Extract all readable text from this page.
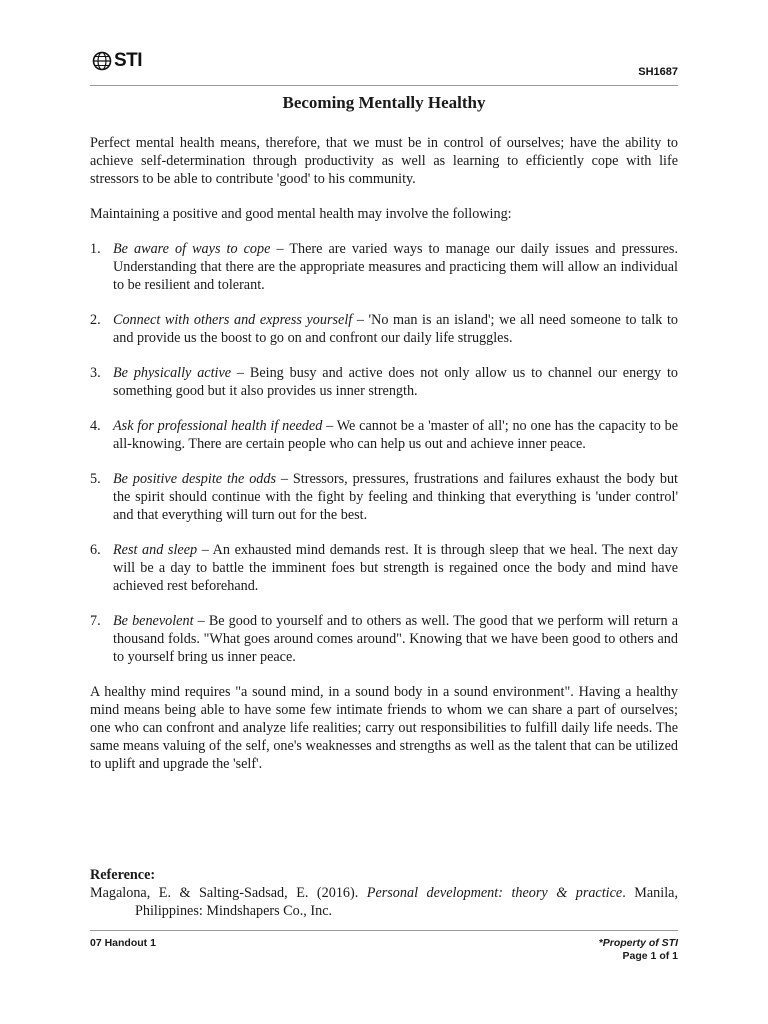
STI
SH1687
Becoming Mentally Healthy

Perfect mental health means, therefore, that we must be in control of ourselves; have the ability to achieve self-determination through productivity as well as learning to efficiently cope with life stressors to be able to contribute 'good' to his community.

Maintaining a positive and good mental health may involve the following:

1. Be aware of ways to cope – There are varied ways to manage our daily issues and pressures. Understanding that there are the appropriate measures and practicing them will allow an individual to be resilient and tolerant.
2. Connect with others and express yourself – 'No man is an island'; we all need someone to talk to and provide us the boost to go on and confront our daily life struggles.
3. Be physically active – Being busy and active does not only allow us to channel our energy to something good but it also provides us inner strength.
4. Ask for professional health if needed – We cannot be a 'master of all'; no one has the capacity to be all-knowing. There are certain people who can help us out and achieve inner peace.
5. Be positive despite the odds – Stressors, pressures, frustrations and failures exhaust the body but the spirit should continue with the fight by feeling and thinking that everything is 'under control' and that everything will turn out for the best.
6. Rest and sleep – An exhausted mind demands rest. It is through sleep that we heal. The next day will be a day to battle the imminent foes but strength is regained once the body and mind have achieved rest beforehand.
7. Be benevolent – Be good to yourself and to others as well. The good that we perform will return a thousand folds. "What goes around comes around". Knowing that we have been good to others and to yourself bring us inner peace.

A healthy mind requires "a sound mind, in a sound body in a sound environment". Having a healthy mind means being able to have some few intimate friends to whom we can share a part of ourselves; one who can confront and analyze life realities; carry out responsibilities to fulfill daily life needs. The same means valuing of the self, one's weaknesses and strengths as well as the talent that can be utilized to uplift and upgrade the 'self'.

Reference:
Magalona, E. & Salting-Sadsad, E. (2016). Personal development: theory & practice. Manila, Philippines: Mindshapers Co., Inc.
07 Handout 1	*Property of STI
Page 1 of 1
